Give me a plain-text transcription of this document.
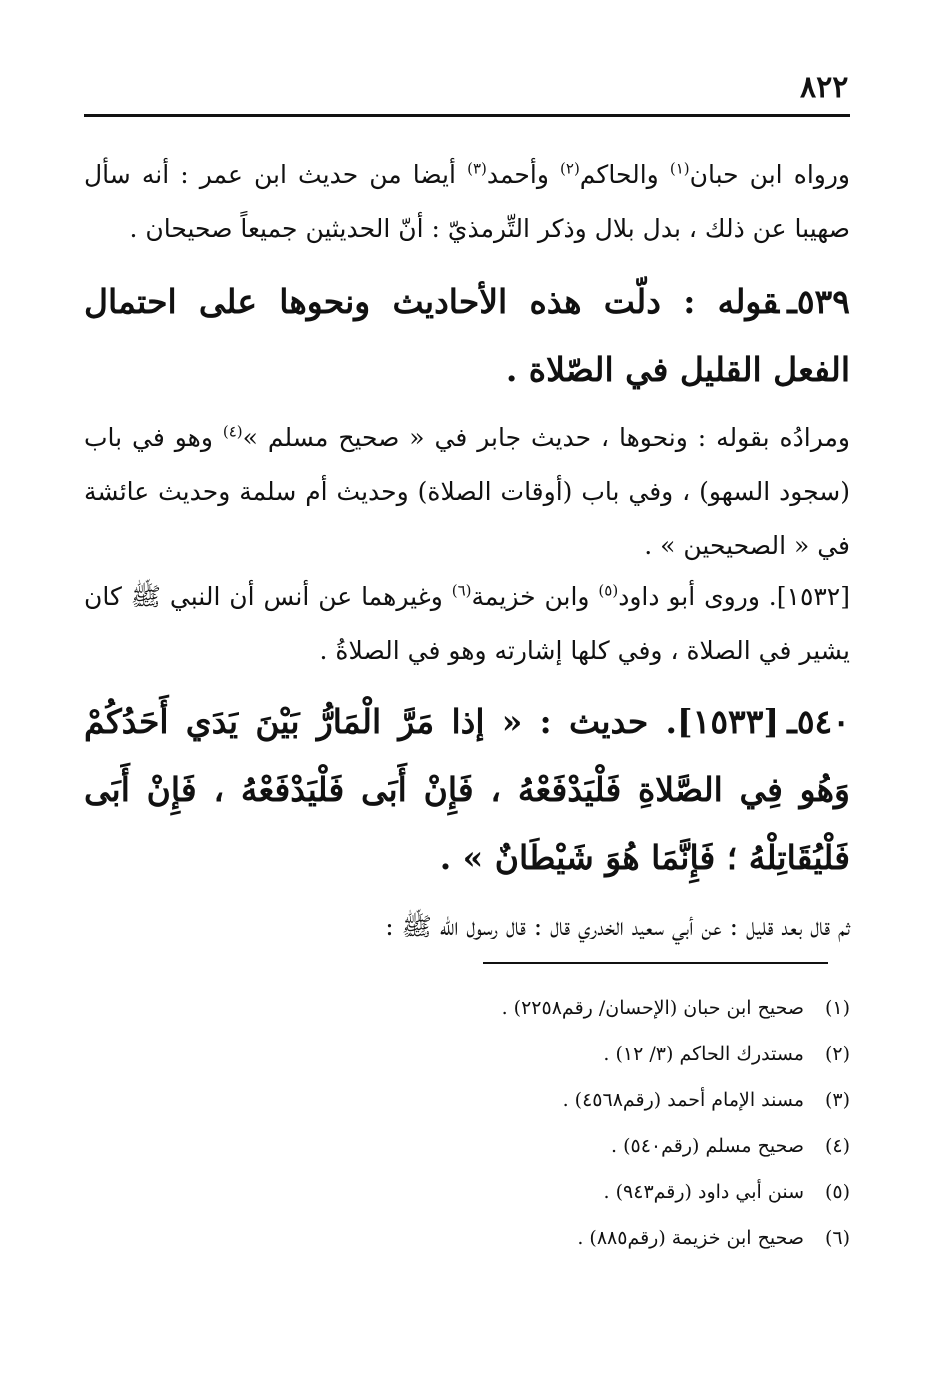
٨٢٢
ورواه ابن حبان$^{(١)}$ والحاكم$^{(٢)}$ وأحمد$^{(٣)}$ أيضا من حديث ابن عمر : أنه سأل صهيبا عن ذلك ، بدل بلال وذكر التِّرمذيّ : أنّ الحديثين جميعاً صحيحان .
٥٣٩ـقوله : دلّت هذه الأحاديث ونحوها على احتمال الفعل القليل في الصّلاة .
ومرادُه بقوله : ونحوها ، حديث جابر في « صحيح مسلم »$^{(٤)}$ وهو في باب (سجود السهو) ، وفي باب (أوقات الصلاة) وحديث أم سلمة وحديث عائشة في « الصحيحين » .
[١٥٣٢]. وروى أبو داود$^{(٥)}$ وابن خزيمة$^{(٦)}$ وغيرهما عن أنس أن النبي ﷺ كان يشير في الصلاة ، وفي كلها إشارته وهو في الصلاةُ .
٥٤٠ـ[١٥٣٣]. حديث : « إذا مَرَّ الْمَارُّ بَيْنَ يَدَي أَحَدُكُمْ وَهُو فِي الصَّلاةِ فَلْيَدْفَعْهُ ، فَإِنْ أَبَى فَلْيَدْفَعْهُ ، فَإِنْ أَبَى فَلْيُقَاتِلْهُ ؛ فَإِنَّمَا هُوَ شَيْطَانٌ » .
ثم قال بعد قليل : عن أبي سعيد الخدري قال : قال رسول الله ﷺ :
(١)صحيح ابن حبان (الإحسان/ رقم٢٢٥٨) .
(٢)مستدرك الحاكم (٣/ ١٢) .
(٣)مسند الإمام أحمد (رقم٤٥٦٨) .
(٤)صحيح مسلم (رقم٥٤٠) .
(٥)سنن أبي داود (رقم٩٤٣) .
(٦)صحيح ابن خزيمة (رقم٨٨٥) .
